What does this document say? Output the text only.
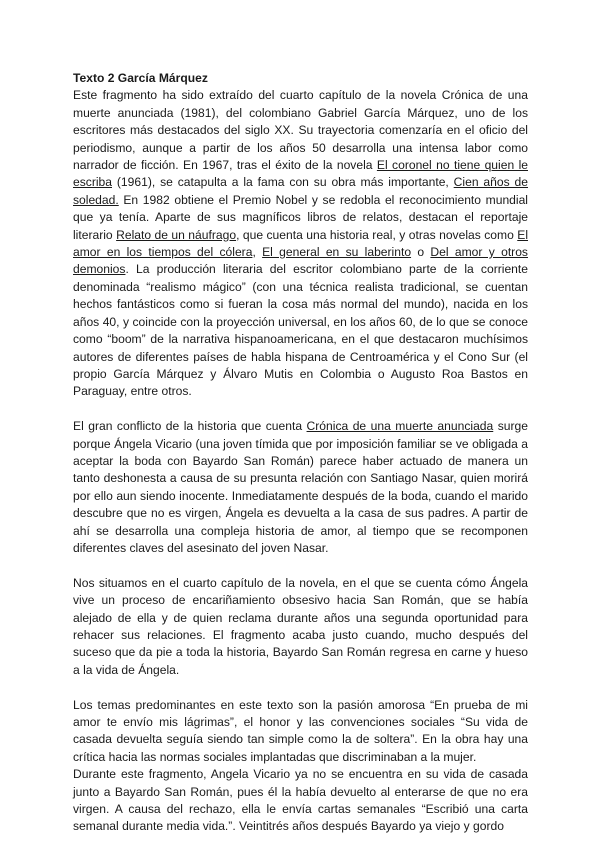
Texto 2 García Márquez

Este fragmento ha sido extraído del cuarto capítulo de la novela Crónica de una muerte anunciada (1981), del colombiano Gabriel García Márquez, uno de los escritores más destacados del siglo XX. Su trayectoria comenzaría en el oficio del periodismo, aunque a partir de los años 50 desarrolla una intensa labor como narrador de ficción. En 1967, tras el éxito de la novela El coronel no tiene quien le escriba (1961), se catapulta a la fama con su obra más importante, Cien años de soledad. En 1982 obtiene el Premio Nobel y se redobla el reconocimiento mundial que ya tenía. Aparte de sus magníficos libros de relatos, destacan el reportaje literario Relato de un náufrago, que cuenta una historia real, y otras novelas como El amor en los tiempos del cólera, El general en su laberinto o Del amor y otros demonios. La producción literaria del escritor colombiano parte de la corriente denominada “realismo mágico” (con una técnica realista tradicional, se cuentan hechos fantásticos como si fueran la cosa más normal del mundo), nacida en los años 40, y coincide con la proyección universal, en los años 60, de lo que se conoce como “boom” de la narrativa hispanoamericana, en el que destacaron muchísimos autores de diferentes países de habla hispana de Centroamérica y el Cono Sur (el propio García Márquez y Álvaro Mutis en Colombia o Augusto Roa Bastos en Paraguay, entre otros.

El gran conflicto de la historia que cuenta Crónica de una muerte anunciada surge porque Ángela Vicario (una joven tímida que por imposición familiar se ve obligada a aceptar la boda con Bayardo San Román) parece haber actuado de manera un tanto deshonesta a causa de su presunta relación con Santiago Nasar, quien morirá por ello aun siendo inocente. Inmediatamente después de la boda, cuando el marido descubre que no es virgen, Ángela es devuelta a la casa de sus padres. A partir de ahí se desarrolla una compleja historia de amor, al tiempo que se recomponen diferentes claves del asesinato del joven Nasar.

Nos situamos en el cuarto capítulo de la novela, en el que se cuenta cómo Ángela vive un proceso de encariñamiento obsesivo hacia San Román, que se había alejado de ella y de quien reclama durante años una segunda oportunidad para rehacer sus relaciones. El fragmento acaba justo cuando, mucho después del suceso que da pie a toda la historia, Bayardo San Román regresa en carne y hueso a la vida de Ángela.

Los temas predominantes en este texto son la pasión amorosa “En prueba de mi amor te envío mis lágrimas”, el honor y las convenciones sociales “Su vida de casada devuelta seguía siendo tan simple como la de soltera”. En la obra hay una crítica hacia las normas sociales implantadas que discriminaban a la mujer.

Durante este fragmento, Angela Vicario ya no se encuentra en su vida de casada junto a Bayardo San Román, pues él la había devuelto al enterarse de que no era virgen. A causa del rechazo, ella le envía cartas semanales “Escribió una carta semanal durante media vida.”. Veintitrés años después Bayardo ya viejo y gordo
